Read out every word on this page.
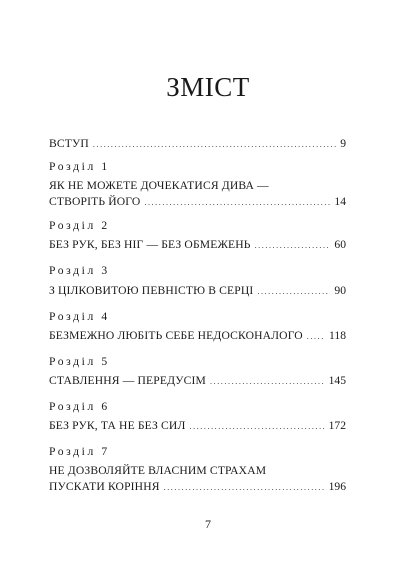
ЗМІСТ
ВСТУП .....	9
Розділ 1
ЯК НЕ МОЖЕТЕ ДОЧЕКАТИСЯ ДИВА —
СТВОРІТЬ ЙОГО .....	14
Розділ 2
БЕЗ РУК, БЕЗ НІГ — БЕЗ ОБМЕЖЕНЬ .....	60
Розділ 3
З ЦІЛКОВИТОЮ ПЕВНІСТЮ В СЕРЦІ .....	90
Розділ 4
БЕЗМЕЖНО ЛЮБІТЬ СЕБЕ НЕДОСКОНАЛОГО ..... 118
Розділ 5
СТАВЛЕННЯ — ПЕРЕДУСІМ .....	145
Розділ 6
БЕЗ РУК, ТА НЕ БЕЗ СИЛ .....	172
Розділ 7
НЕ ДОЗВОЛЯЙТЕ ВЛАСНИМ СТРАХАМ
ПУСКАТИ КОРІННЯ .....	196
7
